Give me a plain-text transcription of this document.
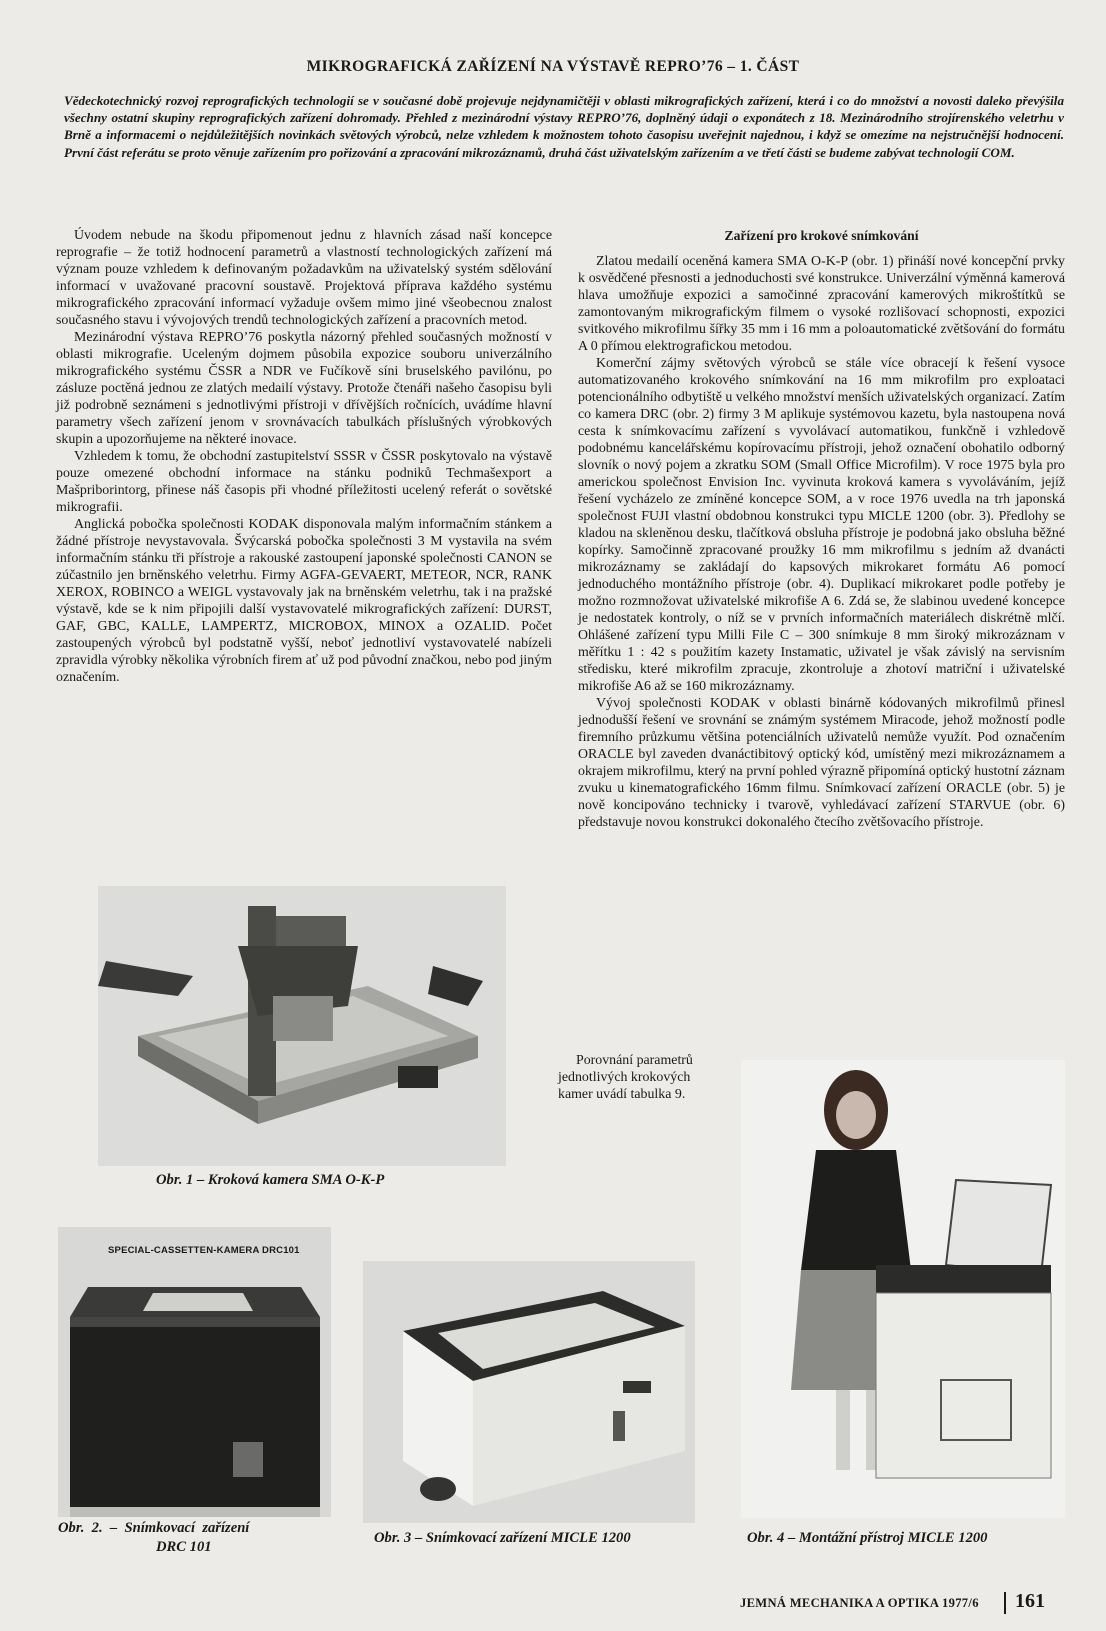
MIKROGRAFICKÁ ZAŘÍZENÍ NA VÝSTAVĚ REPRO’76 – 1. ČÁST

Vědeckotechnický rozvoj reprografických technologií se v současné době projevuje nejdynamičtěji v oblasti mikrografických zařízení, která i co do množství a novosti daleko převýšila všechny ostatní skupiny reprografických zařízení dohromady. Přehled z mezinárodní výstavy REPRO’76, doplněný údaji o exponátech z 18. Mezinárodního strojírenského veletrhu v Brně a informacemi o nejdůležitějších novinkách světových výrobců, nelze vzhledem k možnostem tohoto časopisu uveřejnit najednou, i když se omezíme na nejstručnější hodnocení. První část referátu se proto věnuje zařízením pro pořizování a zpracování mikrozáznamů, druhá část uživatelským zařízením a ve třetí části se budeme zabývat technologií COM.

Úvodem nebude na škodu připomenout jednu z hlavních zásad naší koncepce reprografie – že totiž hodnocení parametrů a vlastností technologických zařízení má význam pouze vzhledem k definovaným požadavkům na uživatelský systém sdělování informací v uvažované pracovní soustavě. Projektová příprava každého systému mikrografického zpracování informací vyžaduje ovšem mimo jiné všeobecnou znalost současného stavu i vývojových trendů technologických zařízení a pracovních metod.

Mezinárodní výstava REPRO’76 poskytla názorný přehled současných možností v oblasti mikrografie. Uceleným dojmem působila expozice souboru univerzálního mikrografického systému ČSSR a NDR ve Fučíkově síni bruselského pavilónu, po zásluze poctěná jednou ze zlatých medailí výstavy. Protože čtenáři našeho časopisu byli již podrobně seznámeni s jednotlivými přístroji v dřívějších ročnících, uvádíme hlavní parametry všech zařízení jenom v srovnávacích tabulkách příslušných výrobkových skupin a upozorňujeme na některé inovace.

Vzhledem k tomu, že obchodní zastupitelství SSSR v ČSSR poskytovalo na výstavě pouze omezené obchodní informace na stánku podniků Techmašexport a Mašpriborintorg, přinese náš časopis při vhodné příležitosti ucelený referát o sovětské mikrografii.

Anglická pobočka společnosti KODAK disponovala malým informačním stánkem a žádné přístroje nevystavovala. Švýcarská pobočka společnosti 3 M vystavila na svém informačním stánku tři přístroje a rakouské zastoupení japonské společnosti CANON se zúčastnilo jen brněnského veletrhu. Firmy AGFA-GEVAERT, METEOR, NCR, RANK XEROX, ROBINCO a WEIGL vystavovaly jak na brněnském veletrhu, tak i na pražské výstavě, kde se k nim připojili další vystavovatelé mikrografických zařízení: DURST, GAF, GBC, KALLE, LAMPERTZ, MICROBOX, MINOX a OZALID. Počet zastoupených výrobců byl podstatně vyšší, neboť jednotliví vystavovatelé nabízeli zpravidla výrobky několika výrobních firem ať už pod původní značkou, nebo pod jiným označením.

Zařízení pro krokové snímkování

Zlatou medailí oceněná kamera SMA O-K-P (obr. 1) přináší nové koncepční prvky k osvědčené přesnosti a jednoduchosti své konstrukce. Univerzální výměnná kamerová hlava umožňuje expozici a samočinné zpracování kamerových mikroštítků se zamontovaným mikrografickým filmem o vysoké rozlišovací schopnosti, expozici svitkového mikrofilmu šířky 35 mm i 16 mm a poloautomatické zvětšování do formátu A 0 přímou elektrografickou metodou.

Komerční zájmy světových výrobců se stále více obracejí k řešení vysoce automatizovaného krokového snímkování na 16 mm mikrofilm pro exploataci potencionálního odbytiště u velkého množství menších uživatelských organizací. Zatím co kamera DRC (obr. 2) firmy 3 M aplikuje systémovou kazetu, byla nastoupena nová cesta k snímkovacímu zařízení s vyvolávací automatikou, funkčně i vzhledově podobnému kancelářskému kopírovacímu přístroji, jehož označení obohatilo odborný slovník o nový pojem a zkratku SOM (Small Office Microfilm). V roce 1975 byla pro americkou společnost Envision Inc. vyvinuta kroková kamera s vyvoláváním, jejíž řešení vycházelo ze zmíněné koncepce SOM, a v roce 1976 uvedla na trh japonská společnost FUJI vlastní obdobnou konstrukci typu MICLE 1200 (obr. 3). Předlohy se kladou na skleněnou desku, tlačítková obsluha přístroje je podobná jako obsluha běžné kopírky. Samočinně zpracované proužky 16 mm mikrofilmu s jedním až dvanácti mikrozáznamy se zakládají do kapsových mikrokaret formátu A6 pomocí jednoduchého montážního přístroje (obr. 4). Duplikací mikrokaret podle potřeby je možno rozmnožovat uživatelské mikrofiše A 6. Zdá se, že slabinou uvedené koncepce je nedostatek kontroly, o níž se v prvních informačních materiálech diskrétně mlčí. Ohlášené zařízení typu Milli File C – 300 snímkuje 8 mm široký mikrozáznam v měřítku 1 : 42 s použitím kazety Instamatic, uživatel je však závislý na servisním středisku, které mikrofilm zpracuje, zkontroluje a zhotoví matriční i uživatelské mikrofiše A6 až se 160 mikrozáznamy.

Vývoj společnosti KODAK v oblasti binárně kódovaných mikrofilmů přinesl jednodušší řešení ve srovnání se známým systémem Miracode, jehož možností podle firemního průzkumu většina potenciálních uživatelů nemůže využít. Pod označením ORACLE byl zaveden dvanáctibitový optický kód, umístěný mezi mikrozáznamem a okrajem mikrofilmu, který na první pohled výrazně připomíná optický hustotní záznam zvuku u kinematografického 16mm filmu. Snímkovací zařízení ORACLE (obr. 5) je nově koncipováno technicky i tvarově, vyhledávací zařízení STARVUE (obr. 6) představuje novou konstrukci dokonalého čtecího zvětšovacího přístroje.

Porovnání parametrů jednotlivých krokových kamer uvádí tabulka 9.

Obr. 1 – Kroková kamera SMA O-K-P

SPECIAL-CASSETTEN-KAMERA DRC101

Obr.  2.  –  Snímkovací  zařízení

DRC 101

Obr. 3 – Snímkovací zařízení MICLE 1200	Obr. 4 – Montážní přístroj MICLE 1200

JEMNÁ MECHANIKA A OPTIKA 1977/6 161
